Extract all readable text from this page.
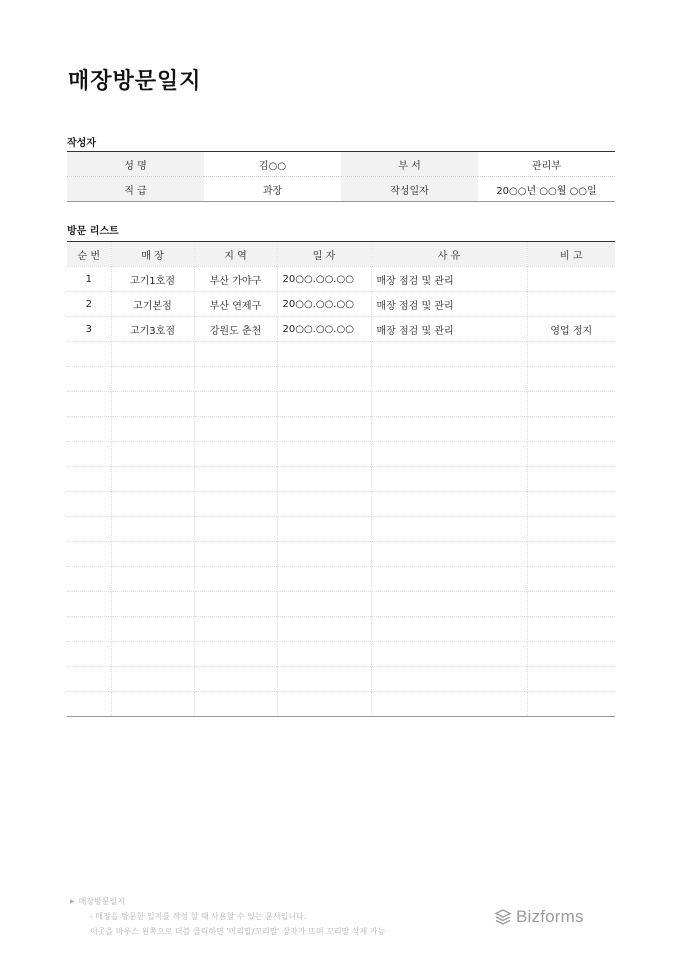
매장방문일지
작성자
성 명	김○○	부 서	관리부
직 급	과장	작성일자	20○○년 ○○월 ○○일
방문 리스트
순 번	매 장	지 역	일 자	사 유	비 고
1	고기1호점	부산 가야구	20○○.○○.○○	매장 점검 및 관리	
2	고기본점	부산 연제구	20○○.○○.○○	매장 점검 및 관리	
3	고기3호점	강원도 춘천	20○○.○○.○○	매장 점검 및 관리	영업 정지

▶ 매장방문일지
- 매장을 방문한 일지를 작성 할 때 사용할 수 있는 문서입니다.
이곳을 마우스 왼쪽으로 더블 클릭하면 '머리말/꼬리말' 상자가 뜨며 꼬리말 삭제 가능
Bizforms
